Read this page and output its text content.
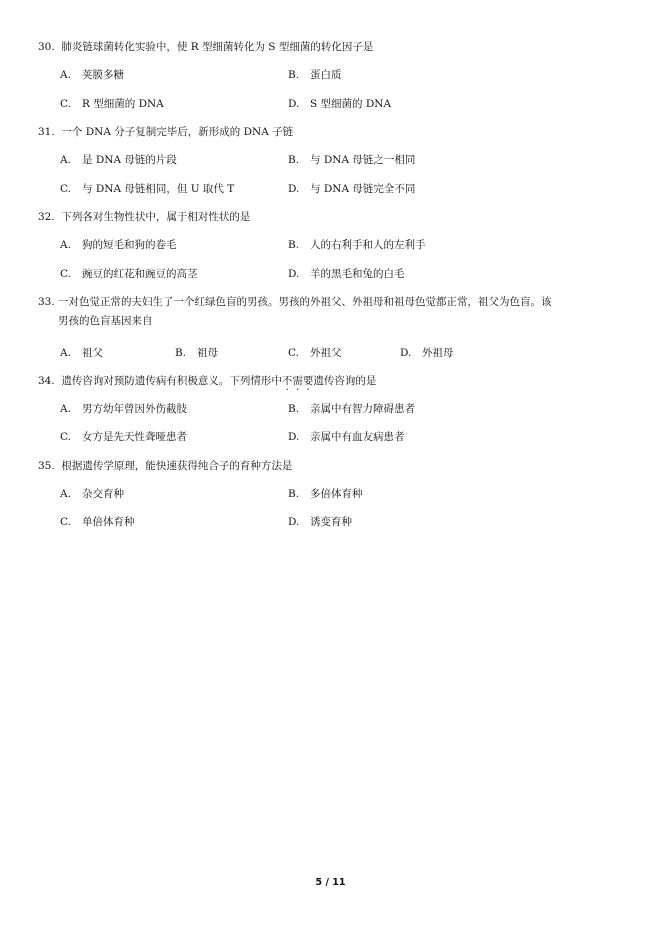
30. 肺炎链球菌转化实验中，使 R 型细菌转化为 S 型细菌的转化因子是
A. 荚膜多糖	B. 蛋白质
C. R 型细菌的 DNA	D. S 型细菌的 DNA
31. 一个 DNA 分子复制完毕后，新形成的 DNA 子链
A. 是 DNA 母链的片段	B. 与 DNA 母链之一相同
C. 与 DNA 母链相同，但 U 取代 T	D. 与 DNA 母链完全不同
32. 下列各对生物性状中，属于相对性状的是
A. 狗的短毛和狗的卷毛	B. 人的右利手和人的左利手
C. 豌豆的红花和豌豆的高茎	D. 羊的黑毛和兔的白毛
33. 一对色觉正常的夫妇生了一个红绿色盲的男孩。男孩的外祖父、外祖母和祖母色觉都正常，祖父为色盲。该
男孩的色盲基因来自
A. 祖父	B. 祖母	C. 外祖父	D. 外祖母
34. 遗传咨询对预防遗传病有积极意义。下列情形中不需要遗传咨询的是
A. 男方幼年曾因外伤截肢	B. 亲属中有智力障碍患者
C. 女方是先天性聋哑患者	D. 亲属中有血友病患者
35. 根据遗传学原理，能快速获得纯合子的育种方法是
A. 杂交育种	B. 多倍体育种
C. 单倍体育种	D. 诱变育种
5 / 11
